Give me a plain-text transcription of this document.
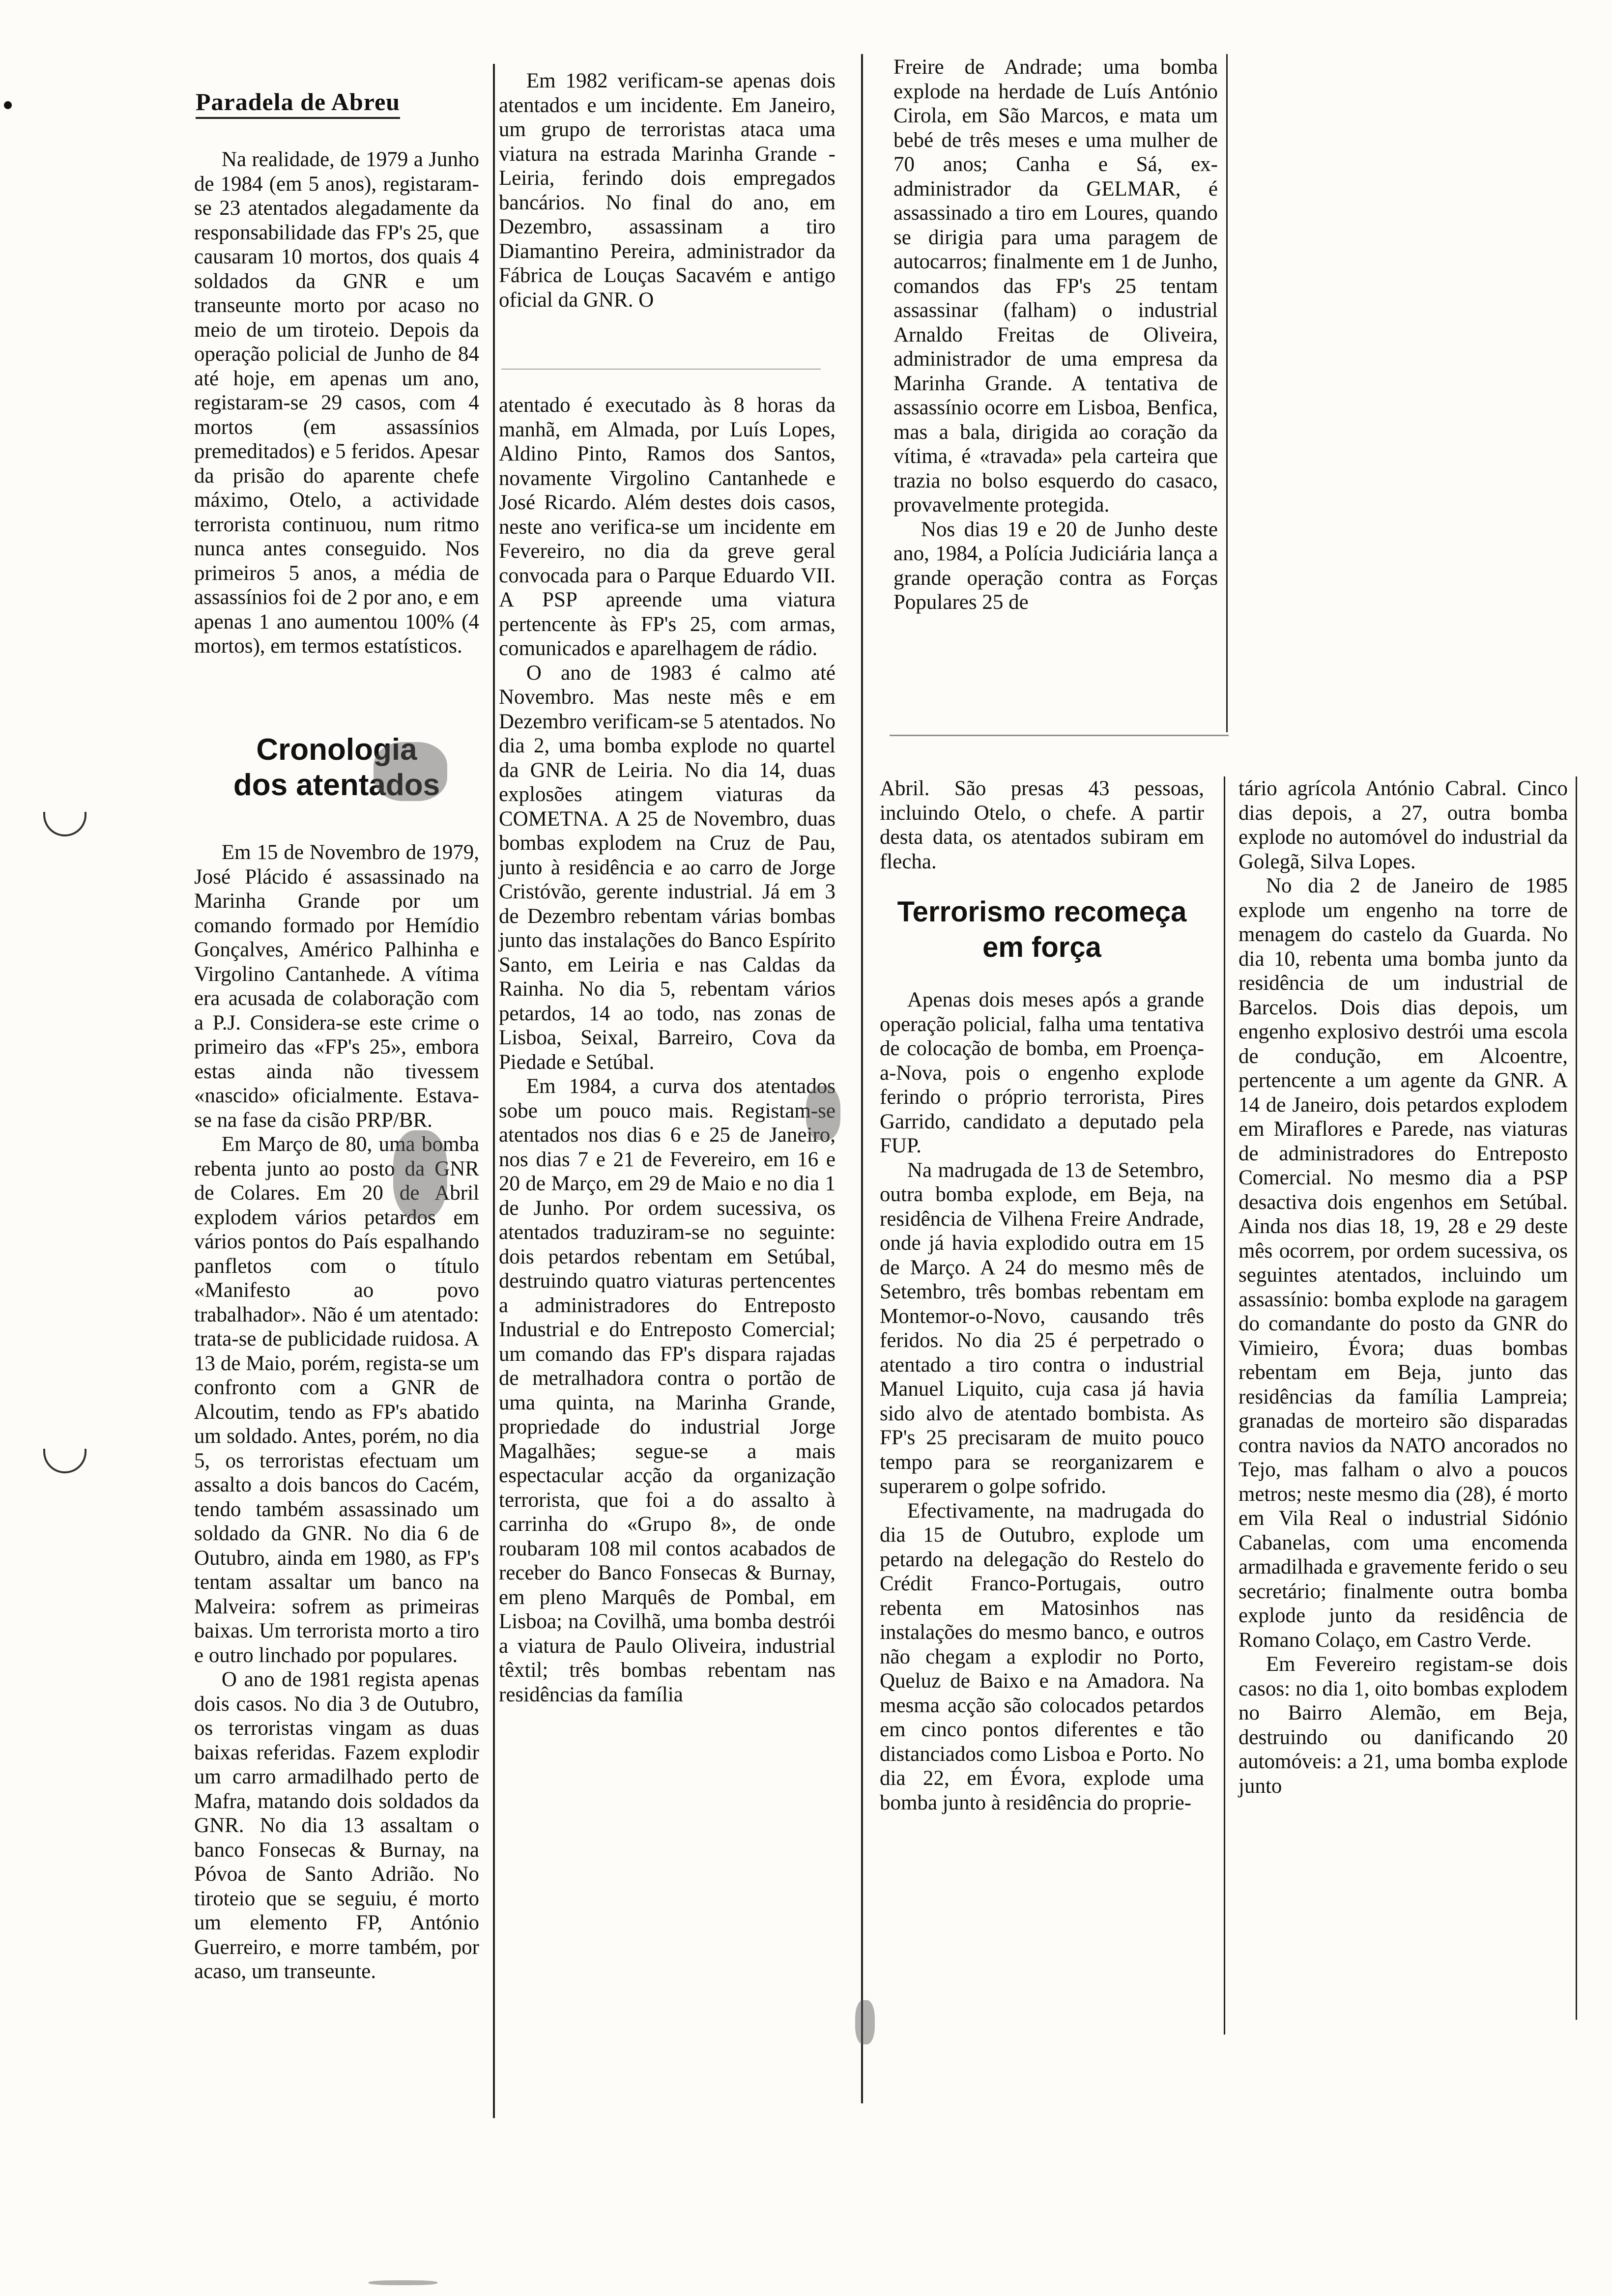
Paradela de Abreu

Na realidade, de 1979 a Junho de 1984 (em 5 anos), registaram-se 23 atentados alegadamente da responsabilidade das FP's 25, que causaram 10 mortos, dos quais 4 soldados da GNR e um transeunte morto por acaso no meio de um tiroteio. Depois da operação policial de Junho de 84 até hoje, em apenas um ano, registaram-se 29 casos, com 4 mortos (em assassínios premeditados) e 5 feridos. Apesar da prisão do aparente chefe máximo, Otelo, a actividade terrorista continuou, num ritmo nunca antes conseguido. Nos primeiros 5 anos, a média de assassínios foi de 2 por ano, e em apenas 1 ano aumentou 100% (4 mortos), em termos estatísticos.

Cronologia
dos atentados

Em 15 de Novembro de 1979, José Plácido é assassinado na Marinha Grande por um comando formado por Hemídio Gonçalves, Américo Palhinha e Virgolino Cantanhede. A vítima era acusada de colaboração com a P.J. Considera-se este crime o primeiro das «FP's 25», embora estas ainda não tivessem «nascido» oficialmente. Estava-se na fase da cisão PRP/BR.

Em Março de 80, uma bomba rebenta junto ao posto da GNR de Colares. Em 20 de Abril explodem vários petardos em vários pontos do País espalhando panfletos com o título «Manifesto ao povo trabalhador». Não é um atentado: trata-se de publicidade ruidosa. A 13 de Maio, porém, regista-se um confronto com a GNR de Alcoutim, tendo as FP's abatido um soldado. Antes, porém, no dia 5, os terroristas efectuam um assalto a dois bancos do Cacém, tendo também assassinado um soldado da GNR. No dia 6 de Outubro, ainda em 1980, as FP's tentam assaltar um banco na Malveira: sofrem as primeiras baixas. Um terrorista morto a tiro e outro linchado por populares.

O ano de 1981 regista apenas dois casos. No dia 3 de Outubro, os terroristas vingam as duas baixas referidas. Fazem explodir um carro armadilhado perto de Mafra, matando dois soldados da GNR. No dia 13 assaltam o banco Fonsecas & Burnay, na Póvoa de Santo Adrião. No tiroteio que se seguiu, é morto um elemento FP, António Guerreiro, e morre também, por acaso, um transeunte.

Em 1982 verificam-se apenas dois atentados e um incidente. Em Janeiro, um grupo de terroristas ataca uma viatura na estrada Marinha Grande - Leiria, ferindo dois empregados bancários. No final do ano, em Dezembro, assassinam a tiro Diamantino Pereira, administrador da Fábrica de Louças Sacavém e antigo oficial da GNR. O

atentado é executado às 8 horas da manhã, em Almada, por Luís Lopes, Aldino Pinto, Ramos dos Santos, novamente Virgolino Cantanhede e José Ricardo. Além destes dois casos, neste ano verifica-se um incidente em Fevereiro, no dia da greve geral convocada para o Parque Eduardo VII. A PSP apreende uma viatura pertencente às FP's 25, com armas, comunicados e aparelhagem de rádio.

O ano de 1983 é calmo até Novembro. Mas neste mês e em Dezembro verificam-se 5 atentados. No dia 2, uma bomba explode no quartel da GNR de Leiria. No dia 14, duas explosões atingem viaturas da COMETNA. A 25 de Novembro, duas bombas explodem na Cruz de Pau, junto à residência e ao carro de Jorge Cristóvão, gerente industrial. Já em 3 de Dezembro rebentam várias bombas junto das instalações do Banco Espírito Santo, em Leiria e nas Caldas da Rainha. No dia 5, rebentam vários petardos, 14 ao todo, nas zonas de Lisboa, Seixal, Barreiro, Cova da Piedade e Setúbal.

Em 1984, a curva dos atentados sobe um pouco mais. Registam-se atentados nos dias 6 e 25 de Janeiro, nos dias 7 e 21 de Fevereiro, em 16 e 20 de Março, em 29 de Maio e no dia 1 de Junho. Por ordem sucessiva, os atentados traduziram-se no seguinte: dois petardos rebentam em Setúbal, destruindo quatro viaturas pertencentes a administradores do Entreposto Industrial e do Entreposto Comercial; um comando das FP's dispara rajadas de metralhadora contra o portão de uma quinta, na Marinha Grande, propriedade do industrial Jorge Magalhães; segue-se a mais espectacular acção da organização terrorista, que foi a do assalto à carrinha do «Grupo 8», de onde roubaram 108 mil contos acabados de receber do Banco Fonsecas & Burnay, em pleno Marquês de Pombal, em Lisboa; na Covilhã, uma bomba destrói a viatura de Paulo Oliveira, industrial têxtil; três bombas rebentam nas residências da família

Freire de Andrade; uma bomba explode na herdade de Luís António Cirola, em São Marcos, e mata um bebé de três meses e uma mulher de 70 anos; Canha e Sá, ex-administrador da GELMAR, é assassinado a tiro em Loures, quando se dirigia para uma paragem de autocarros; finalmente em 1 de Junho, comandos das FP's 25 tentam assassinar (falham) o industrial Arnaldo Freitas de Oliveira, administrador de uma empresa da Marinha Grande. A tentativa de assassínio ocorre em Lisboa, Benfica, mas a bala, dirigida ao coração da vítima, é «travada» pela carteira que trazia no bolso esquerdo do casaco, provavelmente protegida.

Nos dias 19 e 20 de Junho deste ano, 1984, a Polícia Judiciária lança a grande operação contra as Forças Populares 25 de

Abril. São presas 43 pessoas, incluindo Otelo, o chefe. A partir desta data, os atentados subiram em flecha.

Terrorismo recomeça
em força

Apenas dois meses após a grande operação policial, falha uma tentativa de colocação de bomba, em Proença-a-Nova, pois o engenho explode ferindo o próprio terrorista, Pires Garrido, candidato a deputado pela FUP.

Na madrugada de 13 de Setembro, outra bomba explode, em Beja, na residência de Vilhena Freire Andrade, onde já havia explodido outra em 15 de Março. A 24 do mesmo mês de Setembro, três bombas rebentam em Montemor-o-Novo, causando três feridos. No dia 25 é perpetrado o atentado a tiro contra o industrial Manuel Liquito, cuja casa já havia sido alvo de atentado bombista. As FP's 25 precisaram de muito pouco tempo para se reorganizarem e superarem o golpe sofrido.

Efectivamente, na madrugada do dia 15 de Outubro, explode um petardo na delegação do Restelo do Crédit Franco-Portugais, outro rebenta em Matosinhos nas instalações do mesmo banco, e outros não chegam a explodir no Porto, Queluz de Baixo e na Amadora. Na mesma acção são colocados petardos em cinco pontos diferentes e tão distanciados como Lisboa e Porto. No dia 22, em Évora, explode uma bomba junto à residência do proprie-

tário agrícola António Cabral. Cinco dias depois, a 27, outra bomba explode no automóvel do industrial da Golegã, Silva Lopes.

No dia 2 de Janeiro de 1985 explode um engenho na torre de menagem do castelo da Guarda. No dia 10, rebenta uma bomba junto da residência de um industrial de Barcelos. Dois dias depois, um engenho explosivo destrói uma escola de condução, em Alcoentre, pertencente a um agente da GNR. A 14 de Janeiro, dois petardos explodem em Miraflores e Parede, nas viaturas de administradores do Entreposto Comercial. No mesmo dia a PSP desactiva dois engenhos em Setúbal. Ainda nos dias 18, 19, 28 e 29 deste mês ocorrem, por ordem sucessiva, os seguintes atentados, incluindo um assassínio: bomba explode na garagem do comandante do posto da GNR do Vimieiro, Évora; duas bombas rebentam em Beja, junto das residências da família Lampreia; granadas de morteiro são disparadas contra navios da NATO ancorados no Tejo, mas falham o alvo a poucos metros; neste mesmo dia (28), é morto em Vila Real o industrial Sidónio Cabanelas, com uma encomenda armadilhada e gravemente ferido o seu secretário; finalmente outra bomba explode junto da residência de Romano Colaço, em Castro Verde.

Em Fevereiro registam-se dois casos: no dia 1, oito bombas explodem no Bairro Alemão, em Beja, destruindo ou danificando 20 automóveis: a 21, uma bomba explode junto
